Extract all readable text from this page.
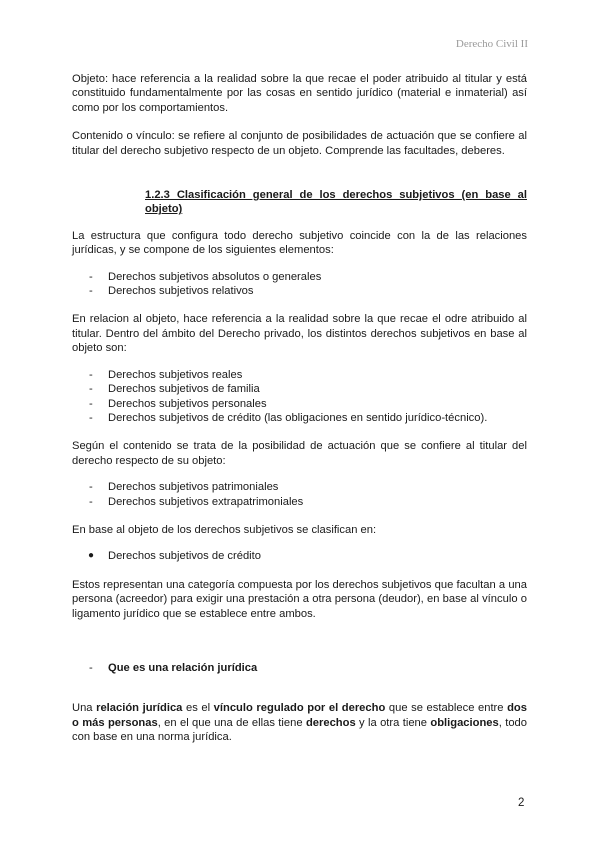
Derecho Civil II

Objeto: hace referencia a la realidad sobre la que recae el poder atribuido al titular y está constituido fundamentalmente por las cosas en sentido jurídico (material e inmaterial) así como por los comportamientos.

Contenido o vínculo: se refiere al conjunto de posibilidades de actuación que se confiere al titular del derecho subjetivo respecto de un objeto. Comprende las facultades, deberes.

1.2.3 Clasificación general de los derechos subjetivos (en base al objeto)

La estructura que configura todo derecho subjetivo coincide con la de las relaciones jurídicas, y se compone de los siguientes elementos:

- Derechos subjetivos absolutos o generales
- Derechos subjetivos relativos

En relacion al objeto, hace referencia a la realidad sobre la que recae el odre atribuido al titular. Dentro del ámbito del Derecho privado, los distintos derechos subjetivos en base al objeto son:

- Derechos subjetivos reales
- Derechos subjetivos de familia
- Derechos subjetivos personales
- Derechos subjetivos de crédito (las obligaciones en sentido jurídico-técnico).

Según el contenido se trata de la posibilidad de actuación que se confiere al titular del derecho respecto de su objeto:

- Derechos subjetivos patrimoniales
- Derechos subjetivos extrapatrimoniales

En base al objeto de los derechos subjetivos se clasifican en:

● Derechos subjetivos de crédito

Estos representan una categoría compuesta por los derechos subjetivos que facultan a una persona (acreedor) para exigir una prestación a otra persona (deudor), en base al vínculo o ligamento jurídico que se establece entre ambos.

- Que es una relación jurídica

Una relación jurídica es el vínculo regulado por el derecho que se establece entre dos o más personas, en el que una de ellas tiene derechos y la otra tiene obligaciones, todo con base en una norma jurídica.

2
